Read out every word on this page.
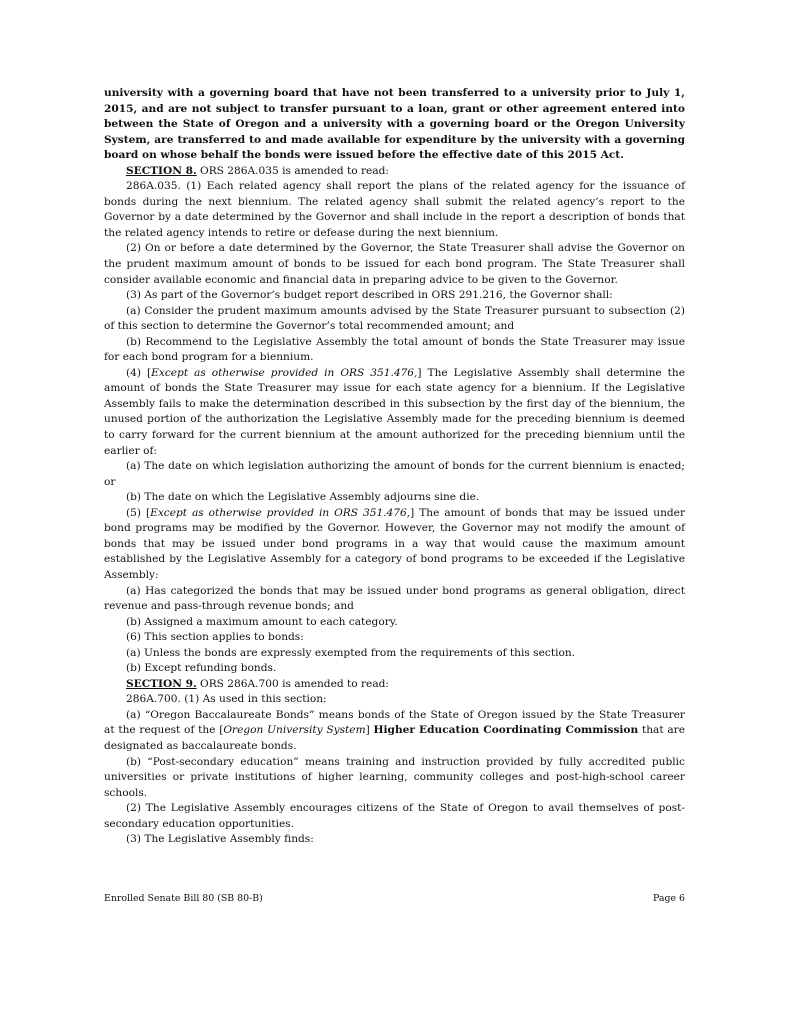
university with a governing board that have not been transferred to a university prior to July 1, 2015, and are not subject to transfer pursuant to a loan, grant or other agreement entered into between the State of Oregon and a university with a governing board or the Oregon University System, are transferred to and made available for expenditure by the university with a governing board on whose behalf the bonds were issued before the effective date of this 2015 Act.

SECTION 8. ORS 286A.035 is amended to read:

286A.035. (1) Each related agency shall report the plans of the related agency for the issuance of bonds during the next biennium. The related agency shall submit the related agency’s report to the Governor by a date determined by the Governor and shall include in the report a description of bonds that the related agency intends to retire or defease during the next biennium.

(2) On or before a date determined by the Governor, the State Treasurer shall advise the Governor on the prudent maximum amount of bonds to be issued for each bond program. The State Treasurer shall consider available economic and financial data in preparing advice to be given to the Governor.

(3) As part of the Governor’s budget report described in ORS 291.216, the Governor shall:

(a) Consider the prudent maximum amounts advised by the State Treasurer pursuant to subsection (2) of this section to determine the Governor’s total recommended amount; and

(b) Recommend to the Legislative Assembly the total amount of bonds the State Treasurer may issue for each bond program for a biennium.

(4) [Except as otherwise provided in ORS 351.476,] The Legislative Assembly shall determine the amount of bonds the State Treasurer may issue for each state agency for a biennium. If the Legislative Assembly fails to make the determination described in this subsection by the first day of the biennium, the unused portion of the authorization the Legislative Assembly made for the preceding biennium is deemed to carry forward for the current biennium at the amount authorized for the preceding biennium until the earlier of:

(a) The date on which legislation authorizing the amount of bonds for the current biennium is enacted; or

(b) The date on which the Legislative Assembly adjourns sine die.

(5) [Except as otherwise provided in ORS 351.476,] The amount of bonds that may be issued under bond programs may be modified by the Governor. However, the Governor may not modify the amount of bonds that may be issued under bond programs in a way that would cause the maximum amount established by the Legislative Assembly for a category of bond programs to be exceeded if the Legislative Assembly:

(a) Has categorized the bonds that may be issued under bond programs as general obligation, direct revenue and pass-through revenue bonds; and

(b) Assigned a maximum amount to each category.

(6) This section applies to bonds:

(a) Unless the bonds are expressly exempted from the requirements of this section.

(b) Except refunding bonds.

SECTION 9. ORS 286A.700 is amended to read:

286A.700. (1) As used in this section:

(a) “Oregon Baccalaureate Bonds” means bonds of the State of Oregon issued by the State Treasurer at the request of the [Oregon University System] Higher Education Coordinating Commission that are designated as baccalaureate bonds.

(b) “Post-secondary education” means training and instruction provided by fully accredited public universities or private institutions of higher learning, community colleges and post-high-school career schools.

(2) The Legislative Assembly encourages citizens of the State of Oregon to avail themselves of post-secondary education opportunities.

(3) The Legislative Assembly finds:

Enrolled Senate Bill 80 (SB 80-B)	Page 6
